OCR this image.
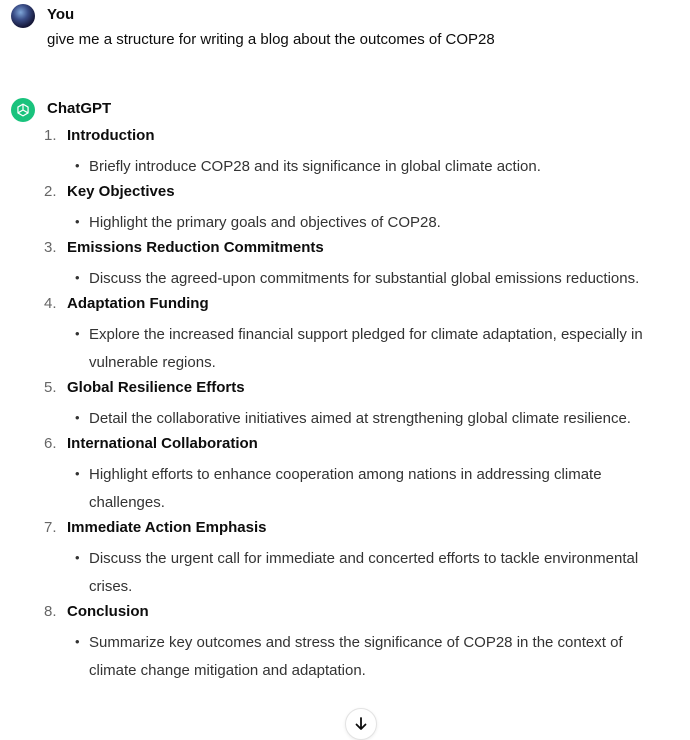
You
give me a structure for writing a blog about the outcomes of COP28
ChatGPT
1. Introduction
• Briefly introduce COP28 and its significance in global climate action.
2. Key Objectives
• Highlight the primary goals and objectives of COP28.
3. Emissions Reduction Commitments
• Discuss the agreed-upon commitments for substantial global emissions reductions.
4. Adaptation Funding
• Explore the increased financial support pledged for climate adaptation, especially in vulnerable regions.
5. Global Resilience Efforts
• Detail the collaborative initiatives aimed at strengthening global climate resilience.
6. International Collaboration
• Highlight efforts to enhance cooperation among nations in addressing climate challenges.
7. Immediate Action Emphasis
• Discuss the urgent call for immediate and concerted efforts to tackle environmental crises.
8. Conclusion
• Summarize key outcomes and stress the significance of COP28 in the context of climate change mitigation and adaptation.
